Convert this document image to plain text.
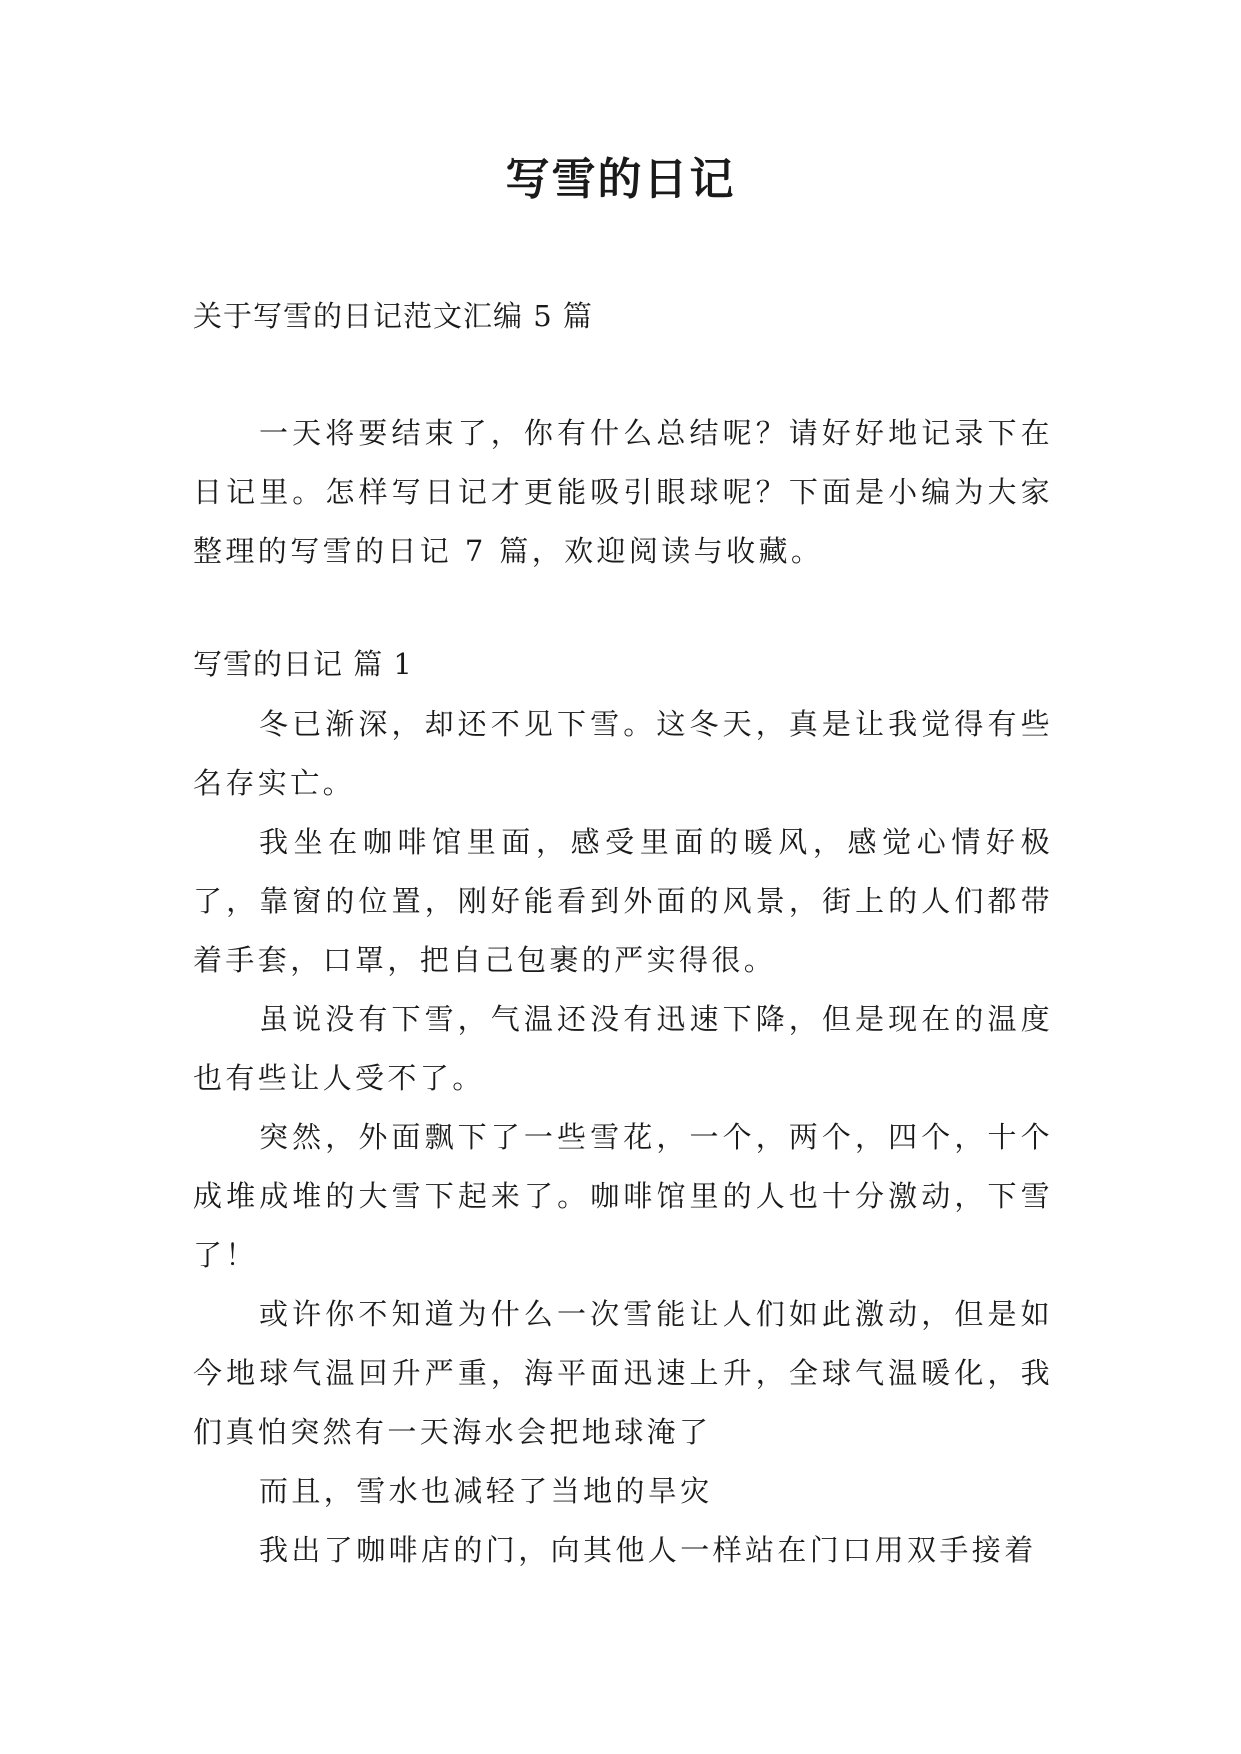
写雪的日记
关于写雪的日记范文汇编 5 篇

一天将要结束了，你有什么总结呢？请好好地记录下在日记里。怎样写日记才更能吸引眼球呢？下面是小编为大家整理的写雪的日记 7 篇，欢迎阅读与收藏。

写雪的日记 篇 1

冬已渐深，却还不见下雪。这冬天，真是让我觉得有些名存实亡。

我坐在咖啡馆里面，感受里面的暖风，感觉心情好极了，靠窗的位置，刚好能看到外面的风景，街上的人们都带着手套，口罩，把自己包裹的严实得很。

虽说没有下雪，气温还没有迅速下降，但是现在的温度也有些让人受不了。

突然，外面飘下了一些雪花，一个，两个，四个，十个成堆成堆的大雪下起来了。咖啡馆里的人也十分激动，下雪了！

或许你不知道为什么一次雪能让人们如此激动，但是如今地球气温回升严重，海平面迅速上升，全球气温暖化，我们真怕突然有一天海水会把地球淹了

而且，雪水也减轻了当地的旱灾

我出了咖啡店的门，向其他人一样站在门口用双手接着
